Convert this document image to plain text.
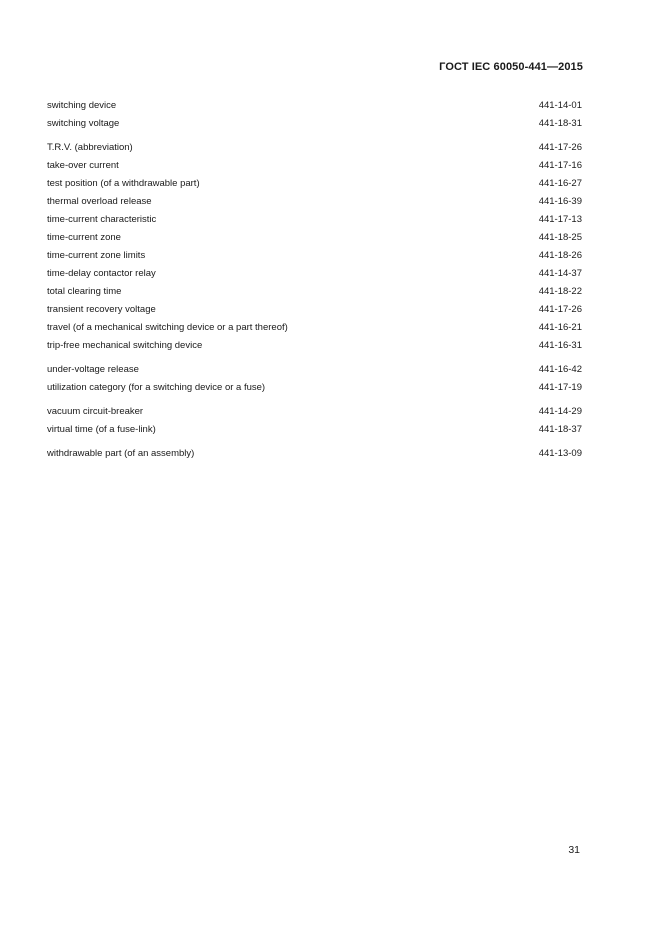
ГОСТ IEC 60050-441—2015
switching device	441-14-01
switching voltage	441-18-31
T.R.V. (abbreviation)	441-17-26
take-over current	441-17-16
test position (of a withdrawable part)	441-16-27
thermal overload release	441-16-39
time-current characteristic	441-17-13
time-current zone	441-18-25
time-current zone limits	441-18-26
time-delay contactor relay	441-14-37
total clearing time	441-18-22
transient recovery voltage	441-17-26
travel (of a mechanical switching device or a part thereof)	441-16-21
trip-free mechanical switching device	441-16-31
under-voltage release	441-16-42
utilization category (for a switching device or a fuse)	441-17-19
vacuum circuit-breaker	441-14-29
virtual time (of a fuse-link)	441-18-37
withdrawable part (of an assembly)	441-13-09
31
